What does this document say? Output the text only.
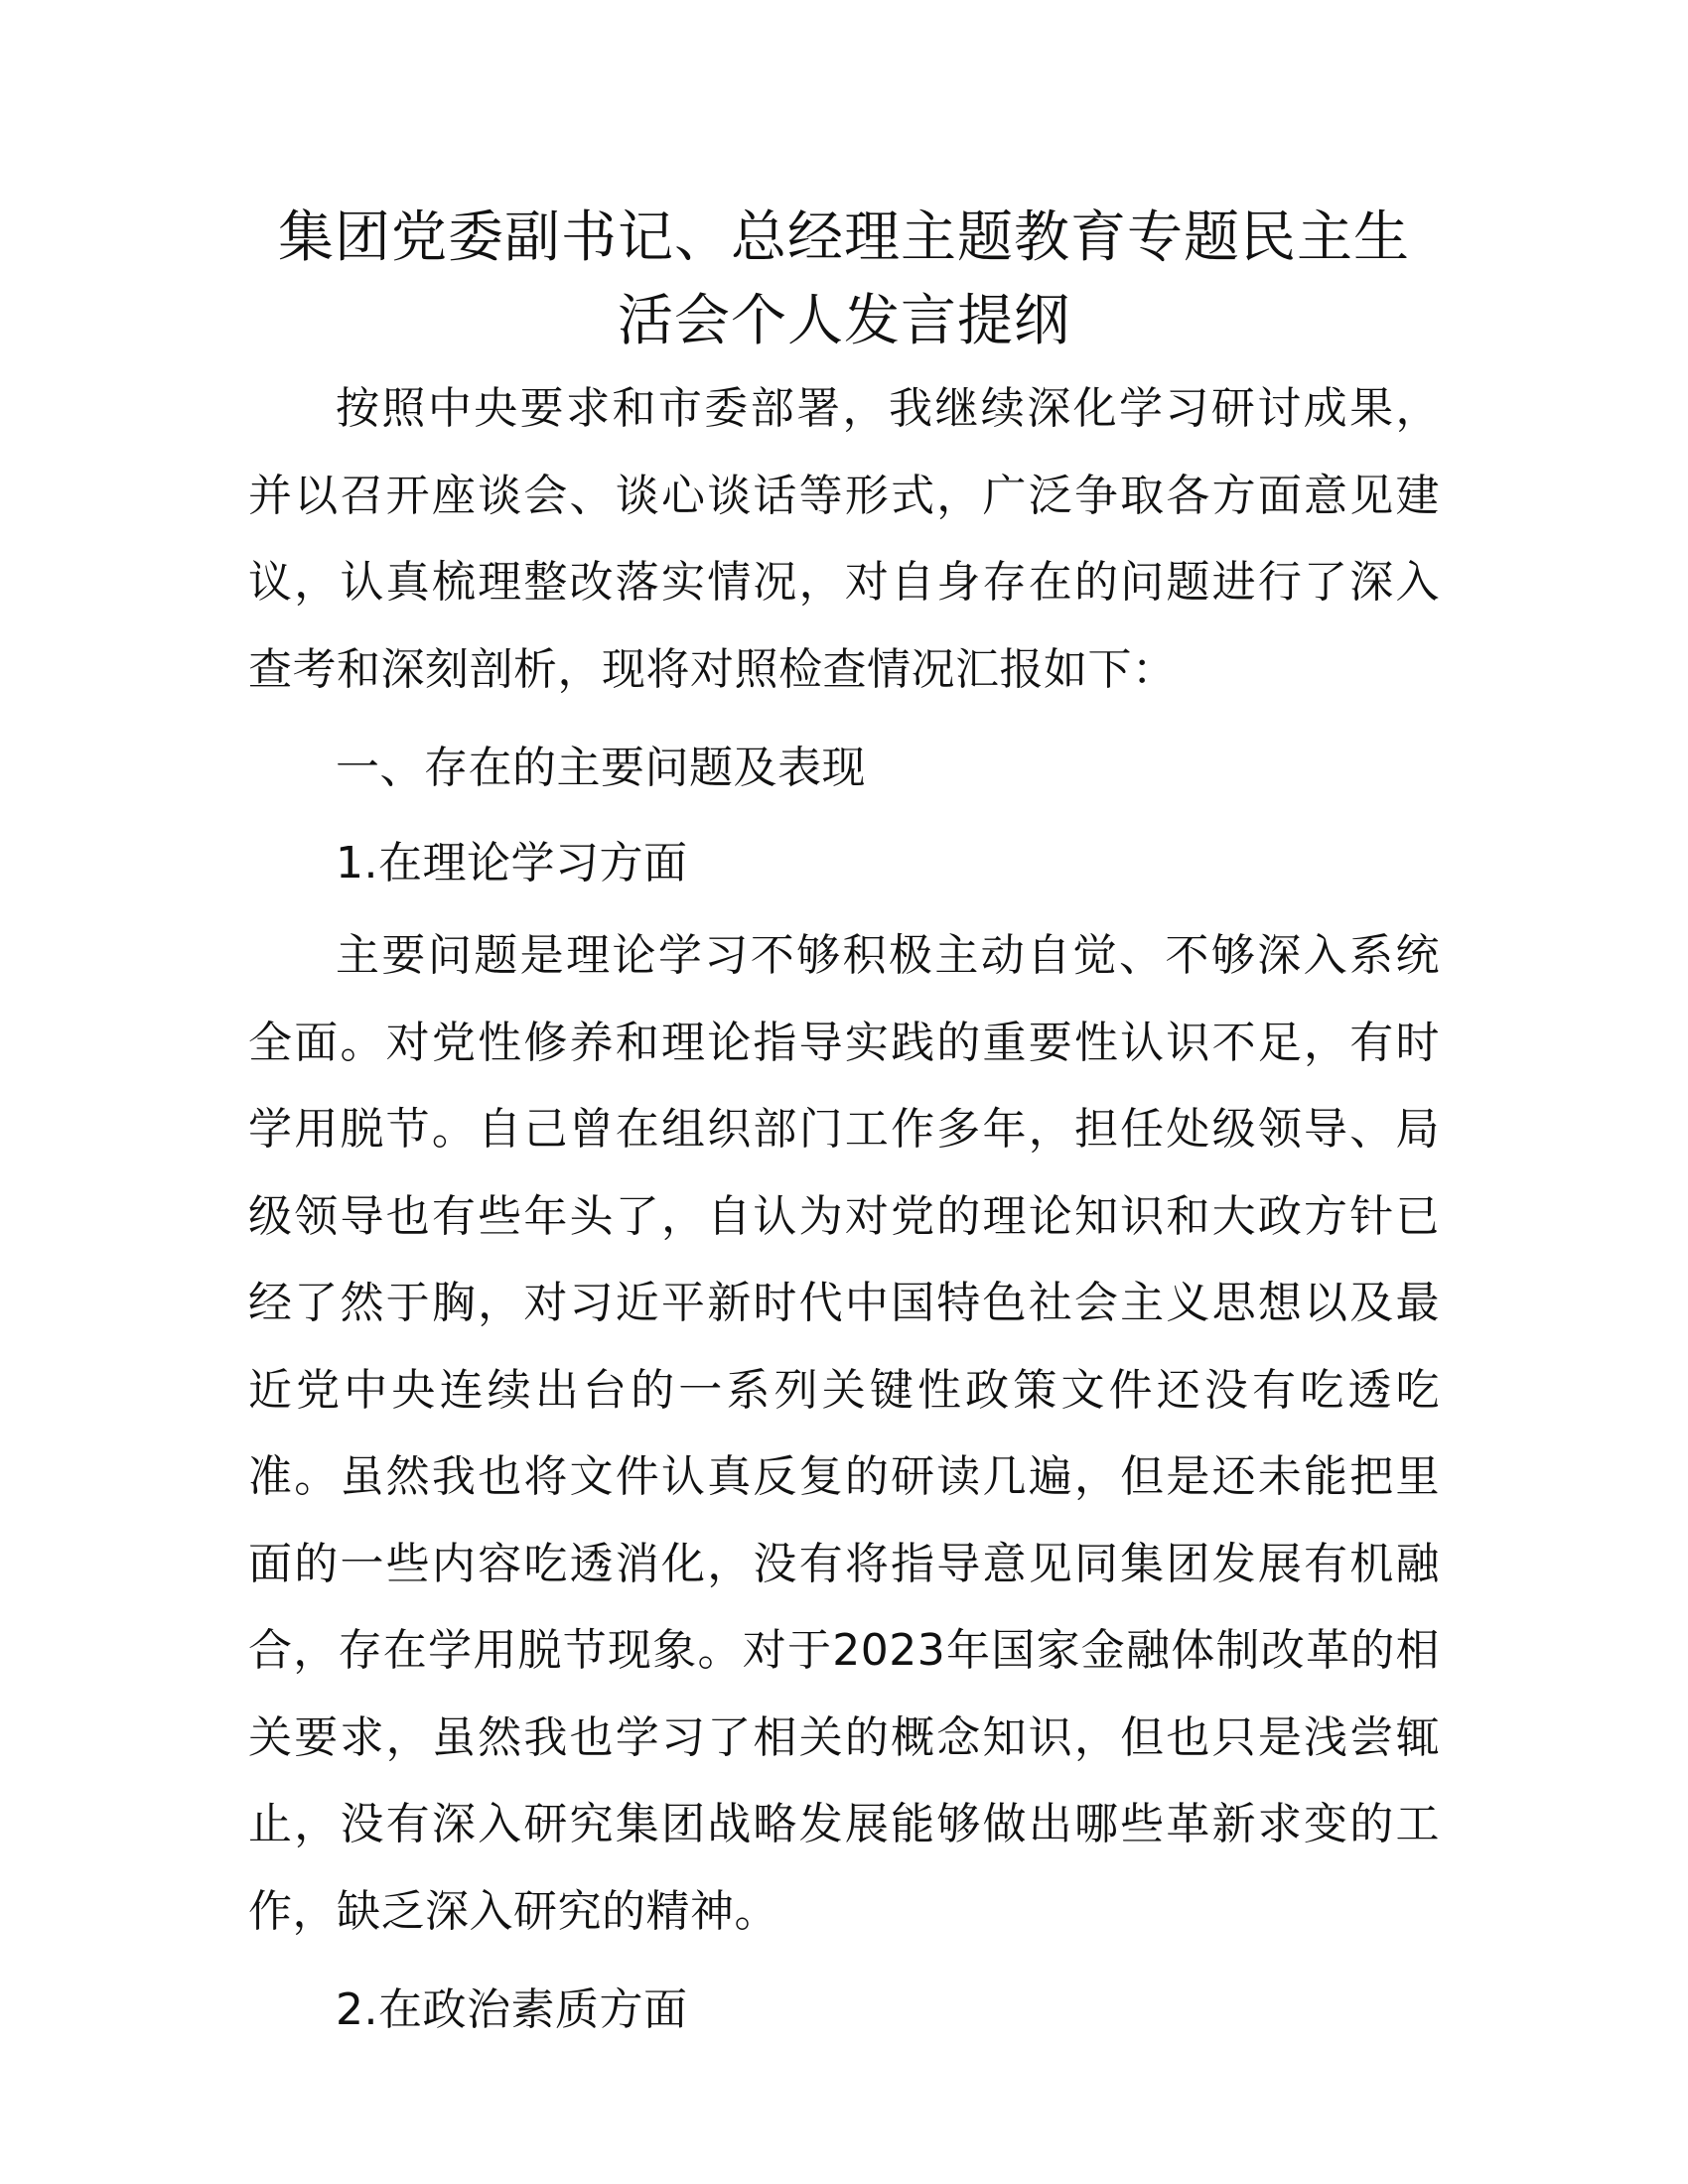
集团党委副书记、总经理主题教育专题民主生
活会个人发言提纲

按照中央要求和市委部署，我继续深化学习研讨成果，并以召开座谈会、谈心谈话等形式，广泛争取各方面意见建议，认真梳理整改落实情况，对自身存在的问题进行了深入查考和深刻剖析，现将对照检查情况汇报如下：

一、存在的主要问题及表现

1.在理论学习方面

主要问题是理论学习不够积极主动自觉、不够深入系统全面。对党性修养和理论指导实践的重要性认识不足，有时学用脱节。自己曾在组织部门工作多年，担任处级领导、局级领导也有些年头了，自认为对党的理论知识和大政方针已经了然于胸，对习近平新时代中国特色社会主义思想以及最近党中央连续出台的一系列关键性政策文件还没有吃透吃准。虽然我也将文件认真反复的研读几遍，但是还未能把里面的一些内容吃透消化，没有将指导意见同集团发展有机融合，存在学用脱节现象。对于2023年国家金融体制改革的相关要求，虽然我也学习了相关的概念知识，但也只是浅尝辄止，没有深入研究集团战略发展能够做出哪些革新求变的工作，缺乏深入研究的精神。

2.在政治素质方面
